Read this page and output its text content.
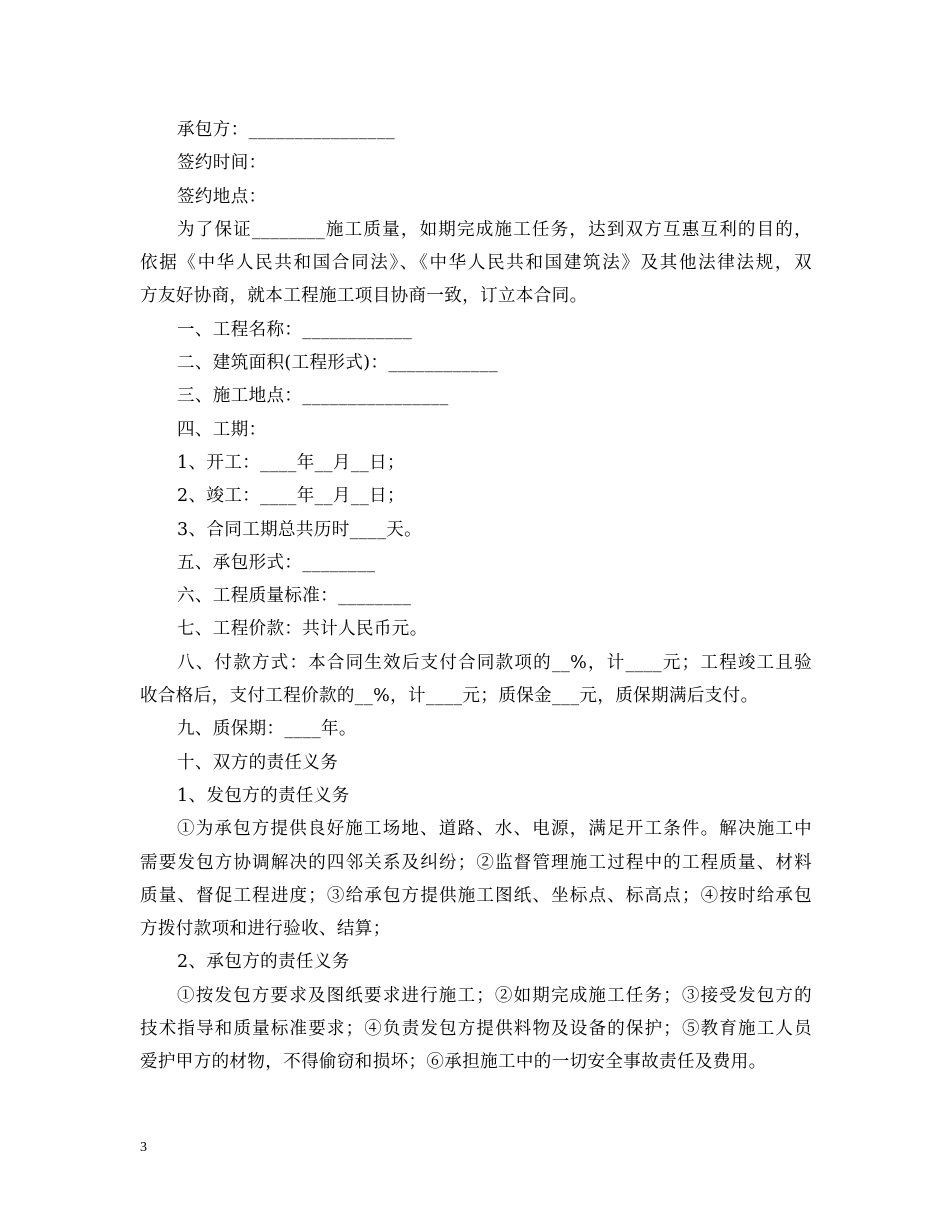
承包方：________________
签约时间：
签约地点：
为了保证________施工质量，如期完成施工任务，达到双方互惠互利的目的，
依据《中华人民共和国合同法》、《中华人民共和国建筑法》及其他法律法规，双
方友好协商，就本工程施工项目协商一致，订立本合同。
一、工程名称：____________
二、建筑面积(工程形式)：____________
三、施工地点：________________
四、工期：
1、开工：____年__月__日；
2、竣工：____年__月__日；
3、合同工期总共历时____天。
五、承包形式：________
六、工程质量标准：________
七、工程价款：共计人民币元。
八、付款方式：本合同生效后支付合同款项的__%，计____元；工程竣工且验
收合格后，支付工程价款的__%，计____元；质保金___元，质保期满后支付。
九、质保期：____年。
十、双方的责任义务
1、发包方的责任义务
①为承包方提供良好施工场地、道路、水、电源，满足开工条件。解决施工中
需要发包方协调解决的四邻关系及纠纷；②监督管理施工过程中的工程质量、材料
质量、督促工程进度；③给承包方提供施工图纸、坐标点、标高点；④按时给承包
方拨付款项和进行验收、结算；
2、承包方的责任义务
①按发包方要求及图纸要求进行施工；②如期完成施工任务；③接受发包方的
技术指导和质量标准要求；④负责发包方提供料物及设备的保护；⑤教育施工人员
爱护甲方的材物，不得偷窃和损坏；⑥承担施工中的一切安全事故责任及费用。
3
